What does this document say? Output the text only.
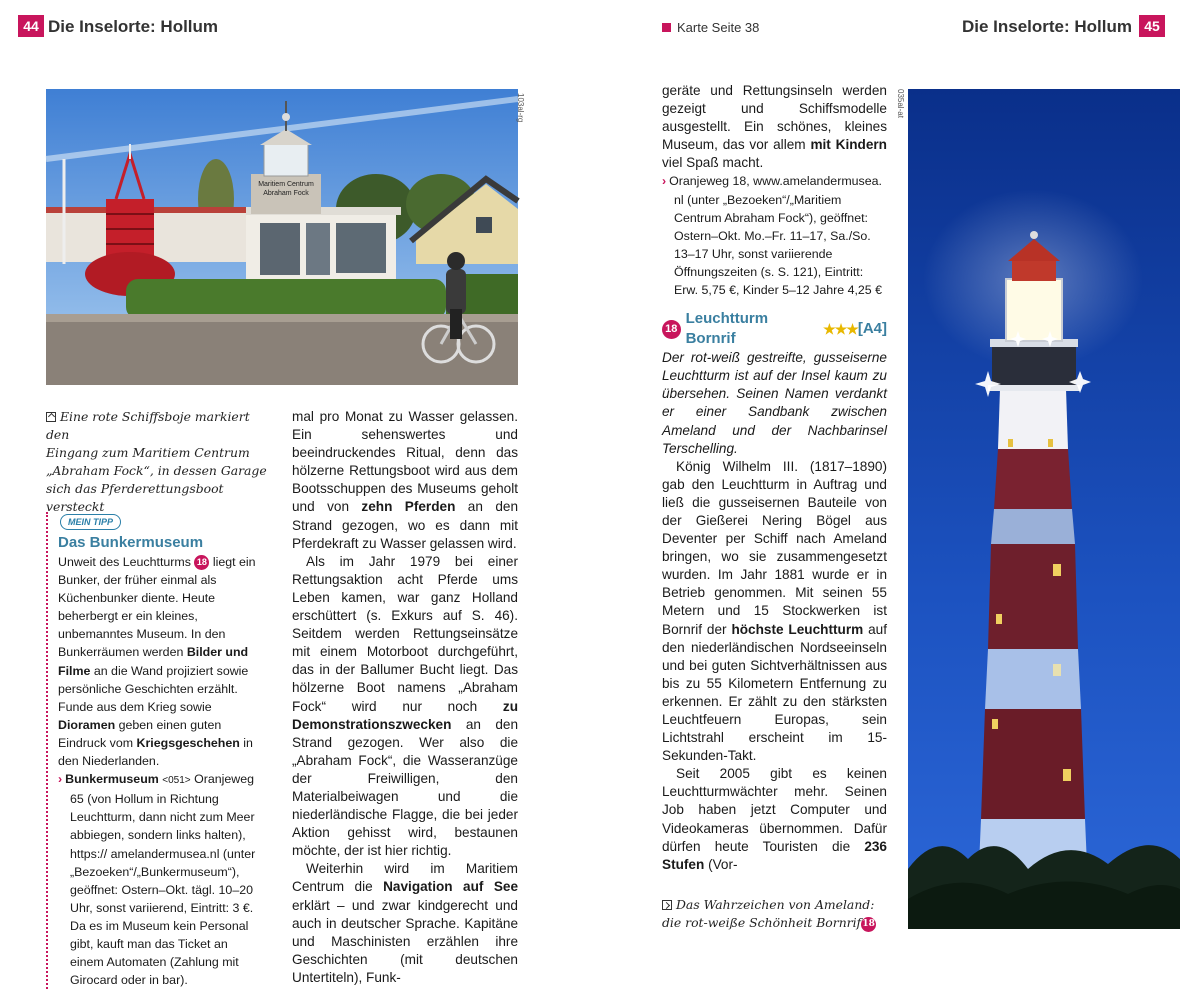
44 Die Inselorte: Hollum	Karte Seite 38	Die Inselorte: Hollum 45
Maritiem Centrum
Abraham Fock
103al-rg
Eine rote Schiffsboje markiert den
Eingang zum Maritiem Centrum
„Abraham Fock“, in dessen Garage
sich das Pferderettungsboot versteckt
MEIN TIPP
Das Bunkermuseum
Unweit des Leuchtturms 18 liegt ein Bunker, der früher einmal als Küchenbunker diente. Heute beherbergt er ein kleines, unbemanntes Museum. In den Bunkerräumen werden Bilder und Filme an die Wand projiziert sowie persönliche Geschichten erzählt. Funde aus dem Krieg sowie Dioramen geben einen guten Eindruck vom Kriegsgeschehen in den Niederlanden.
› Bunkermuseum <051> Oranjeweg 65 (von Hollum in Richtung Leuchtturm, dann nicht zum Meer abbiegen, sondern links halten), https:// amelandermusea.nl (unter „Bezoeken“/„Bunkermuseum“), geöffnet: Ostern–Okt. tägl. 10–20 Uhr, sonst variierend, Eintritt: 3 €. Da es im Museum kein Personal gibt, kauft man das Ticket an einem Automaten (Zahlung mit Girocard oder in bar).

mal pro Monat zu Wasser gelassen. Ein sehenswertes und beeindruckendes Ritual, denn das hölzerne Rettungsboot wird aus dem Bootsschuppen des Museums geholt und von zehn Pferden an den Strand gezogen, wo es dann mit Pferdekraft zu Wasser gelassen wird.

Als im Jahr 1979 bei einer Rettungsaktion acht Pferde ums Leben kamen, war ganz Holland erschüttert (s. Exkurs auf S. 46). Seitdem werden Rettungseinsätze mit einem Motorboot durchgeführt, das in der Ballumer Bucht liegt. Das hölzerne Boot namens „Abraham Fock“ wird nur noch zu Demonstrationszwecken an den Strand gezogen. Wer also die „Abraham Fock“, die Wasseranzüge der Freiwilligen, den Materialbeiwagen und die niederländische Flagge, die bei jeder Aktion gehisst wird, bestaunen möchte, der ist hier richtig.

Weiterhin wird im Maritiem Centrum die Navigation auf See erklärt – und zwar kindgerecht und auch in deutscher Sprache. Kapitäne und Maschinisten erzählen ihre Geschichten (mit deutschen Untertiteln), Funk-

geräte und Rettungsinseln werden gezeigt und Schiffsmodelle ausgestellt. Ein schönes, kleines Museum, das vor allem mit Kindern viel Spaß macht.

› Oranjeweg 18, www.amelandermusea. nl (unter „Bezoeken“/„Maritiem Centrum Abraham Fock“), geöffnet: Ostern–Okt. Mo.–Fr. 11–17, Sa./So. 13–17 Uhr, sonst variierende Öffnungszeiten (s. S. 121), Eintritt: Erw. 5,75 €, Kinder 5–12 Jahre 4,25 €

18
Leuchtturm Bornrif
★★★ [A4]

Der rot-weiß gestreifte, gusseiserne Leuchtturm ist auf der Insel kaum zu übersehen. Seinen Namen verdankt er einer Sandbank zwischen Ameland und der Nachbarinsel Terschelling.

König Wilhelm III. (1817–1890) gab den Leuchtturm in Auftrag und ließ die gusseisernen Bauteile von der Gießerei Nering Bögel aus Deventer per Schiff nach Ameland bringen, wo sie zusammengesetzt wurden. Im Jahr 1881 wurde er in Betrieb genommen. Mit seinen 55 Metern und 15 Stockwerken ist Bornrif der höchste Leuchtturm auf den niederländischen Nordseeinseln und bei guten Sichtverhältnissen aus bis zu 55 Kilometern Entfernung zu erkennen. Er zählt zu den stärksten Leuchtfeuern Europas, sein Lichtstrahl erscheint im 15-Sekunden-Takt.

Seit 2005 gibt es keinen Leuchtturmwächter mehr. Seinen Job haben jetzt Computer und Videokameras übernommen. Dafür dürfen heute Touristen die 236 Stufen (Vor-

Das Wahrzeichen von Ameland:
die rot-weiße Schönheit Bornrif18
035al-at
